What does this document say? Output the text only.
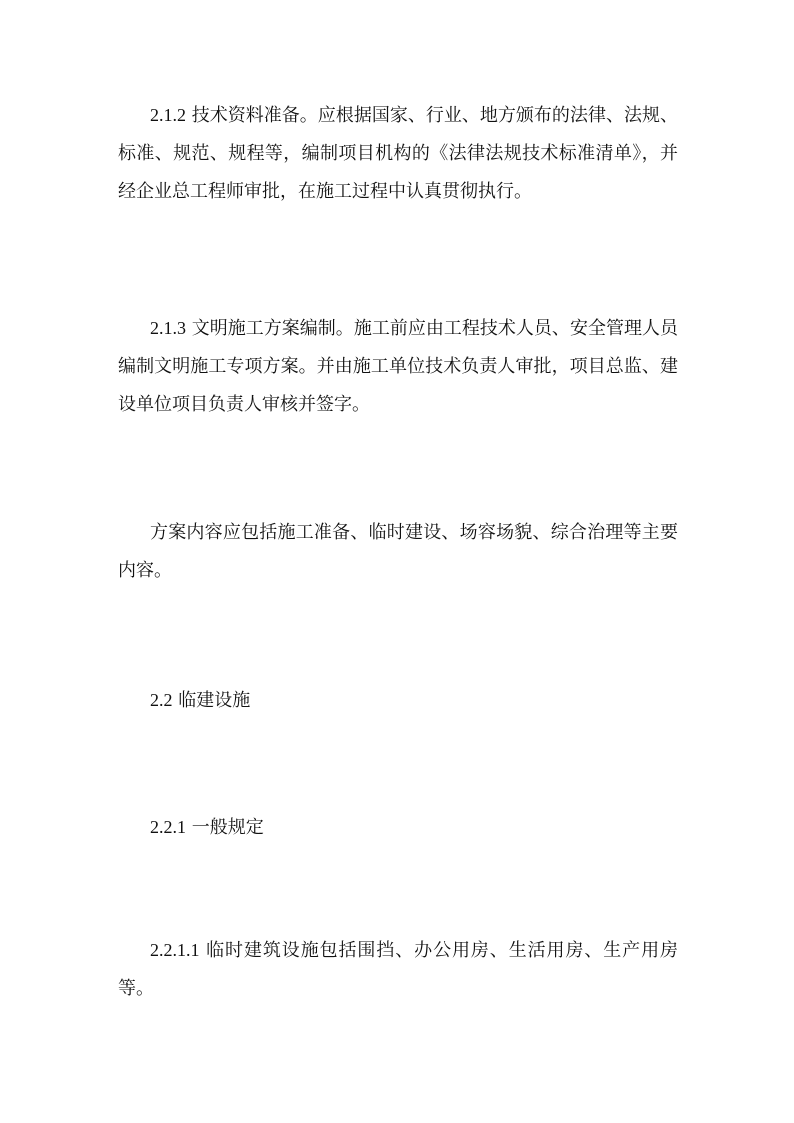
2.1.2 技术资料准备。应根据国家、行业、地方颁布的法律、法规、标准、规范、规程等，编制项目机构的《法律法规技术标准清单》，并经企业总工程师审批，在施工过程中认真贯彻执行。

2.1.3 文明施工方案编制。施工前应由工程技术人员、安全管理人员编制文明施工专项方案。并由施工单位技术负责人审批，项目总监、建设单位项目负责人审核并签字。

方案内容应包括施工准备、临时建设、场容场貌、综合治理等主要内容。

2.2 临建设施

2.2.1 一般规定

2.2.1.1 临时建筑设施包括围挡、办公用房、生活用房、生产用房等。
